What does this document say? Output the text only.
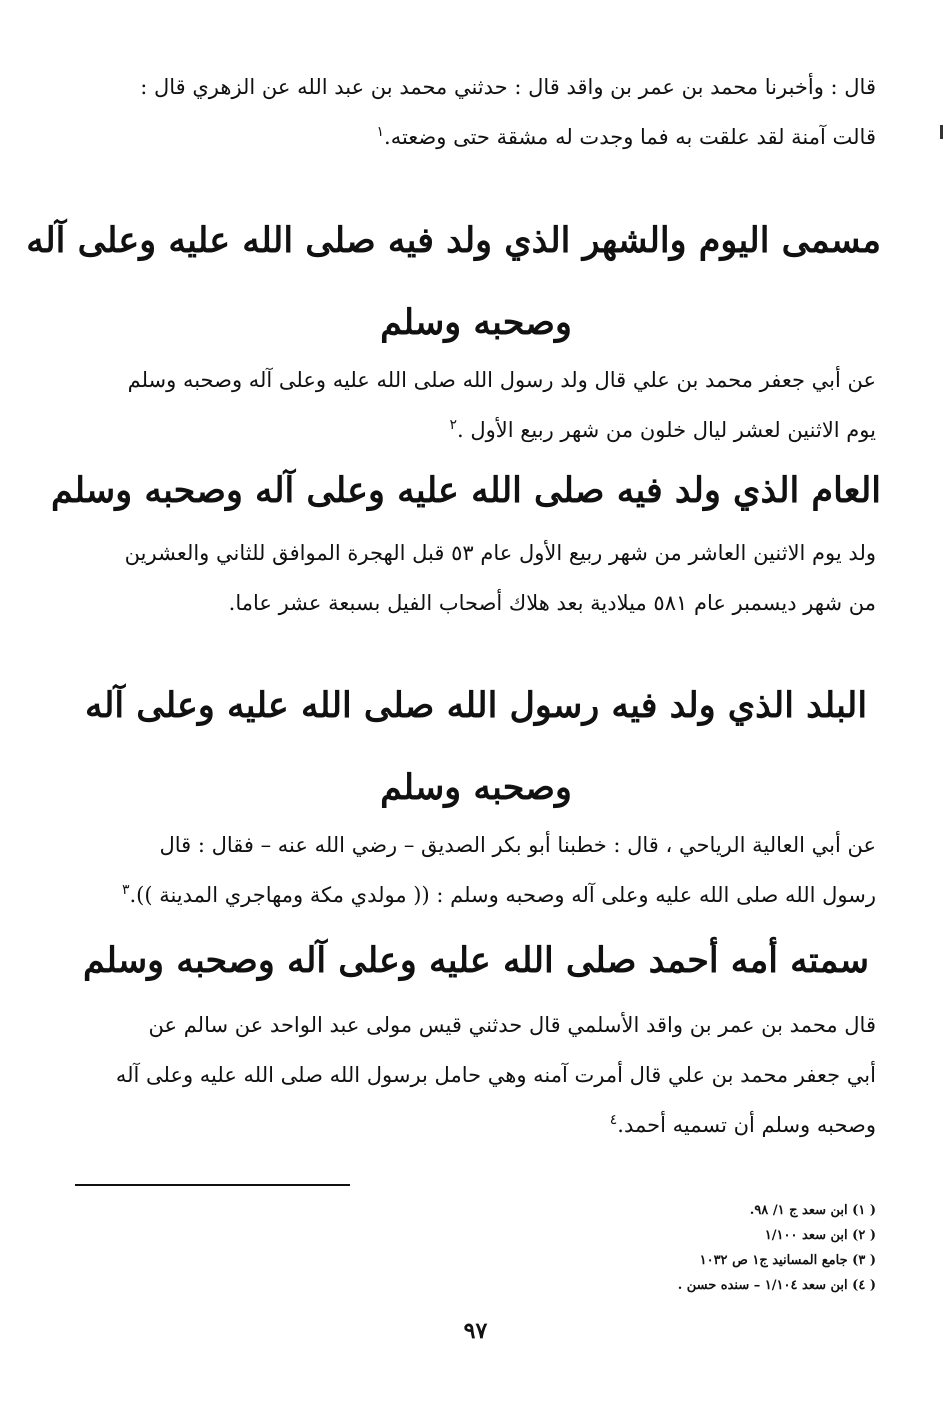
قال : وأخبرنا محمد بن عمر بن واقد قال : حدثني محمد بن عبد الله عن الزهري قال :
قالت آمنة لقد علقت به فما وجدت له مشقة حتى وضعته.$^١$
مسمى اليوم والشهر الذي ولد فيه صلى الله عليه وعلى آله
وصحبه وسلم
عن أبي جعفر محمد بن علي قال ولد رسول الله صلى الله عليه وعلى آله وصحبه وسلم
يوم الاثنين لعشر ليال خلون من شهر ربيع الأول .$^٢$
العام الذي ولد فيه صلى الله عليه وعلى آله وصحبه وسلم
ولد يوم الاثنين العاشر من شهر ربيع الأول عام ٥٣ قبل الهجرة الموافق للثاني والعشرين
من شهر ديسمبر عام ٥٨١ ميلادية بعد هلاك أصحاب الفيل بسبعة عشر عاما.
البلد الذي ولد فيه رسول الله صلى الله عليه وعلى آله
وصحبه وسلم
عن أبي العالية الرياحي ، قال : خطبنا أبو بكر الصديق – رضي الله عنه – فقال : قال
رسول الله صلى الله عليه وعلى آله وصحبه وسلم : (( مولدي مكة ومهاجري المدينة )).$^٣$
سمته أمه أحمد صلى الله عليه وعلى آله وصحبه وسلم
قال محمد بن عمر بن واقد الأسلمي قال حدثني قيس مولى عبد الواحد عن سالم عن
أبي جعفر محمد بن علي قال أمرت آمنه وهي حامل برسول الله صلى الله عليه وعلى آله
وصحبه وسلم أن تسميه أحمد.$^٤$
( ١) ابن سعد ج ١/ ٩٨.
( ٢) ابن سعد ١/١٠٠
( ٣) جامع المسانيد ج١ ص ١٠٣٢
( ٤) ابن سعد ١/١٠٤ – سنده حسن .
٩٧
